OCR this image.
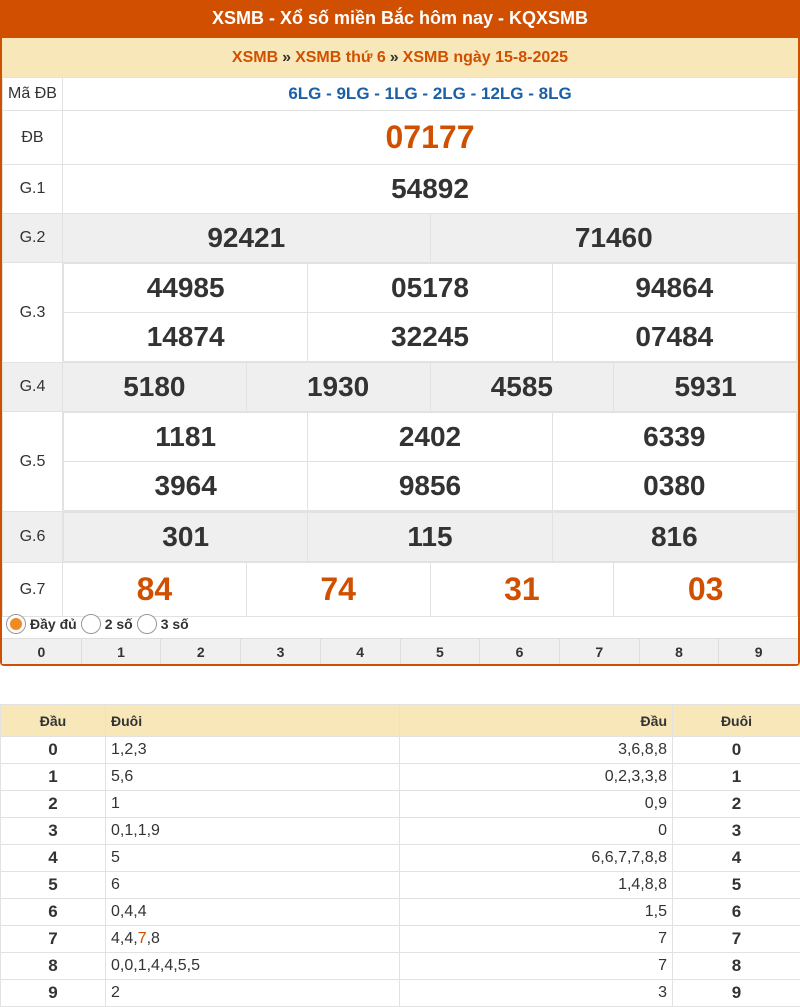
XSMB - Xổ số miền Bắc hôm nay - KQXSMB
XSMB » XSMB thứ 6 » XSMB ngày 15-8-2025
Mã ĐB	6LG - 9LG - 1LG - 2LG - 12LG - 8LG
ĐB	07177
G.1	54892
G.2	92421	71460
G.3	
44985	05178	94864
14874	32245	07484

G.4	5180	1930	4585	5931
G.5	
1181	2402	6339
3964	9856	0380

G.6		301	115	816

G.7	84	74	31	03
Đầy đủ 2 số 3 số
0	1	2	3	4	5	6	7	8	9
Đầu	Đuôi	Đầu	Đuôi
0	1,2,3	3,6,8,8	0
1	5,6	0,2,3,3,8	1
2	1	0,9	2
3	0,1,1,9	0	3
4	5	6,6,7,7,8,8	4
5	6	1,4,8,8	5
6	0,4,4	1,5	6
7	4,4,7,8	7	7
8	0,0,1,4,4,5,5	7	8
9	2	3	9
